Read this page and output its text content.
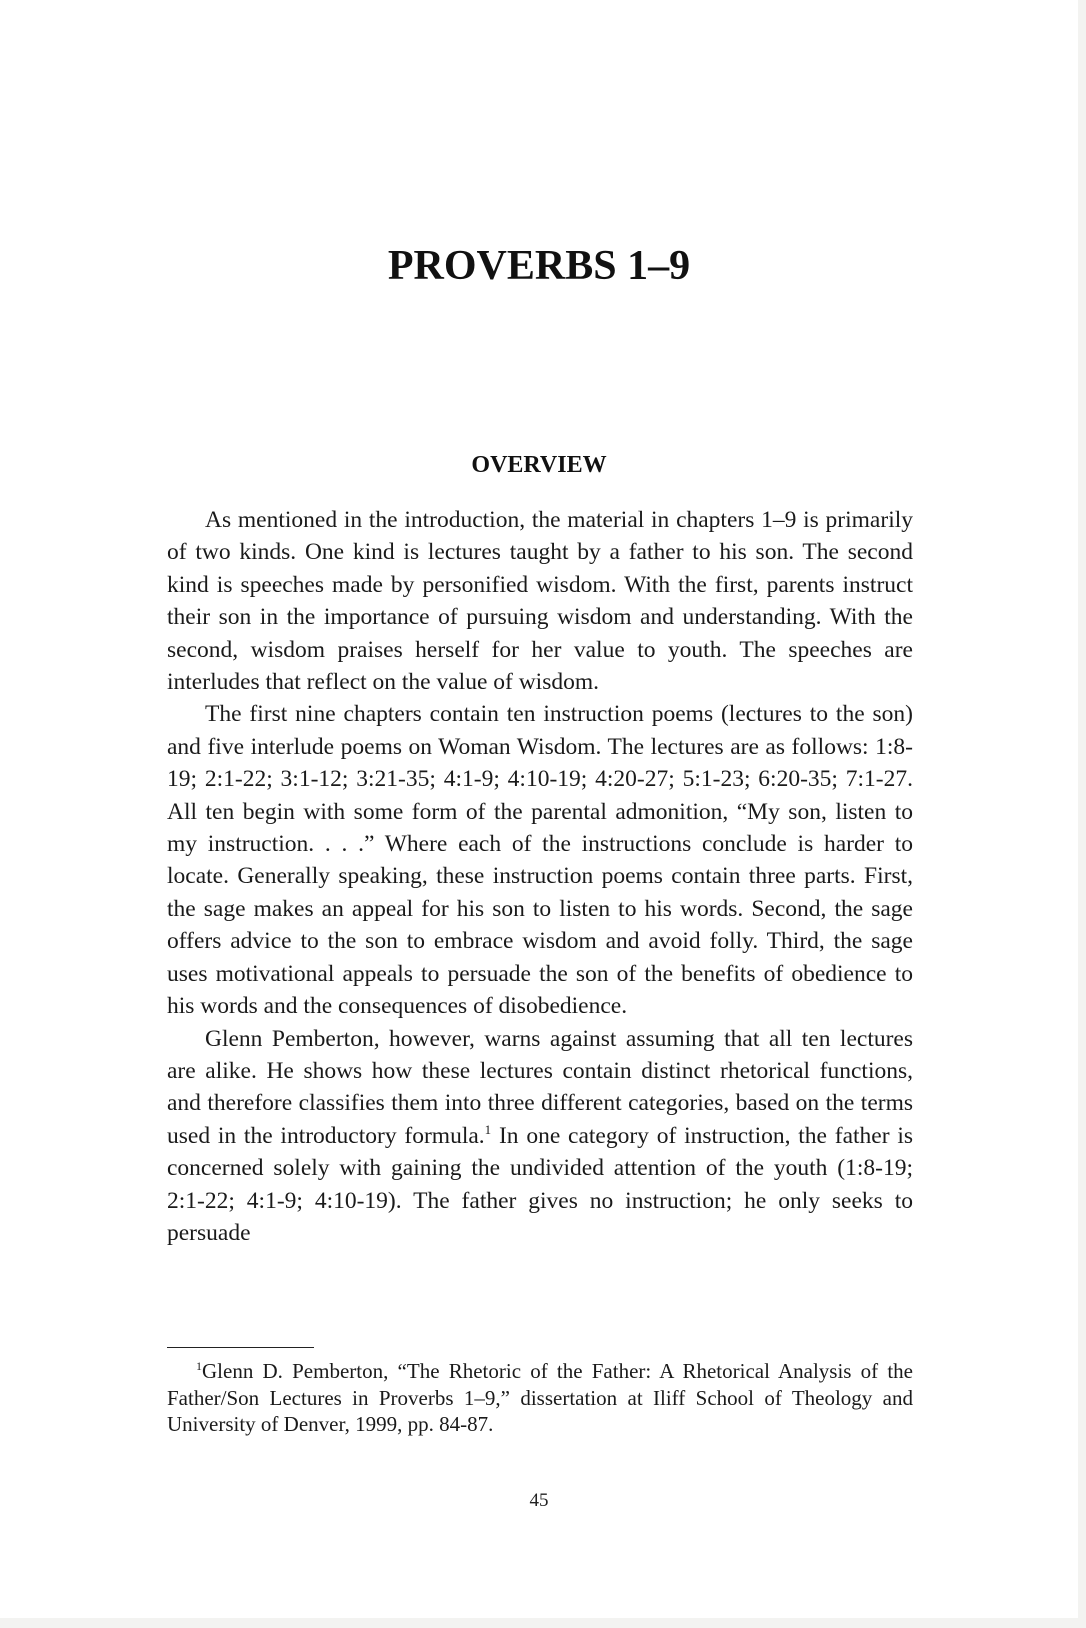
PROVERBS 1–9
OVERVIEW

As mentioned in the introduction, the material in chapters 1–9 is primarily of two kinds. One kind is lectures taught by a father to his son. The second kind is speeches made by personified wisdom. With the first, parents instruct their son in the importance of pursuing wisdom and understanding. With the second, wisdom praises herself for her value to youth. The speeches are interludes that reflect on the value of wisdom.

The first nine chapters contain ten instruction poems (lectures to the son) and five interlude poems on Woman Wisdom. The lectures are as follows: 1:8-19; 2:1-22; 3:1-12; 3:21-35; 4:1-9; 4:10-19; 4:20-27; 5:1-23; 6:20-35; 7:1-27. All ten begin with some form of the parental admonition, “My son, listen to my instruction. . . .” Where each of the instructions conclude is harder to locate. Generally speaking, these instruction poems contain three parts. First, the sage makes an appeal for his son to listen to his words. Second, the sage offers advice to the son to embrace wisdom and avoid folly. Third, the sage uses motivational appeals to persuade the son of the benefits of obedience to his words and the consequences of disobedience.

Glenn Pemberton, however, warns against assuming that all ten lectures are alike. He shows how these lectures contain distinct rhetorical functions, and therefore classifies them into three different categories, based on the terms used in the introductory formula.$^1$ In one category of instruction, the father is concerned solely with gaining the undivided attention of the youth (1:8-19; 2:1-22; 4:1-9; 4:10-19). The father gives no instruction; he only seeks to persuade

$^1$Glenn D. Pemberton, “The Rhetoric of the Father: A Rhetorical Analysis of the Father/Son Lectures in Proverbs 1–9,” dissertation at Iliff School of Theology and University of Denver, 1999, pp. 84-87.

45
